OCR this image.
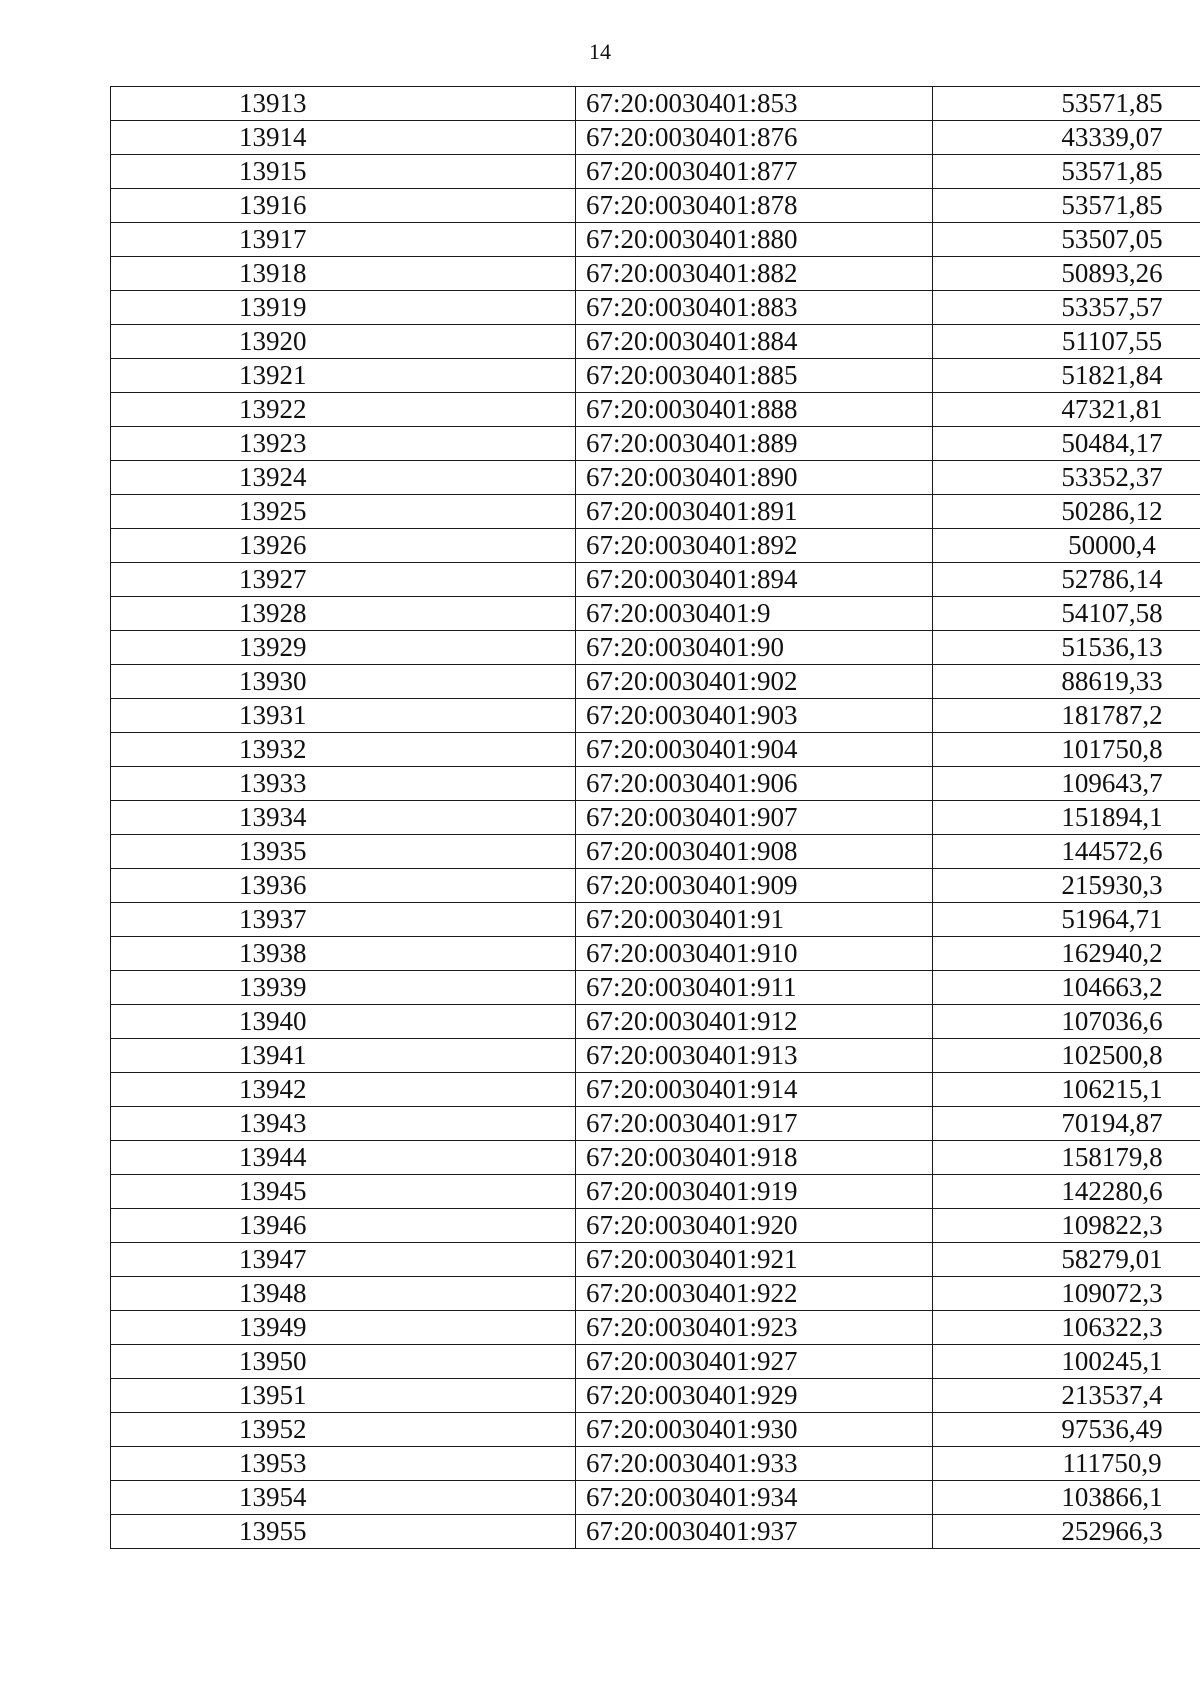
14
13913	67:20:0030401:853	53571,85
13914	67:20:0030401:876	43339,07
13915	67:20:0030401:877	53571,85
13916	67:20:0030401:878	53571,85
13917	67:20:0030401:880	53507,05
13918	67:20:0030401:882	50893,26
13919	67:20:0030401:883	53357,57
13920	67:20:0030401:884	51107,55
13921	67:20:0030401:885	51821,84
13922	67:20:0030401:888	47321,81
13923	67:20:0030401:889	50484,17
13924	67:20:0030401:890	53352,37
13925	67:20:0030401:891	50286,12
13926	67:20:0030401:892	50000,4
13927	67:20:0030401:894	52786,14
13928	67:20:0030401:9	54107,58
13929	67:20:0030401:90	51536,13
13930	67:20:0030401:902	88619,33
13931	67:20:0030401:903	181787,2
13932	67:20:0030401:904	101750,8
13933	67:20:0030401:906	109643,7
13934	67:20:0030401:907	151894,1
13935	67:20:0030401:908	144572,6
13936	67:20:0030401:909	215930,3
13937	67:20:0030401:91	51964,71
13938	67:20:0030401:910	162940,2
13939	67:20:0030401:911	104663,2
13940	67:20:0030401:912	107036,6
13941	67:20:0030401:913	102500,8
13942	67:20:0030401:914	106215,1
13943	67:20:0030401:917	70194,87
13944	67:20:0030401:918	158179,8
13945	67:20:0030401:919	142280,6
13946	67:20:0030401:920	109822,3
13947	67:20:0030401:921	58279,01
13948	67:20:0030401:922	109072,3
13949	67:20:0030401:923	106322,3
13950	67:20:0030401:927	100245,1
13951	67:20:0030401:929	213537,4
13952	67:20:0030401:930	97536,49
13953	67:20:0030401:933	111750,9
13954	67:20:0030401:934	103866,1
13955	67:20:0030401:937	252966,3
